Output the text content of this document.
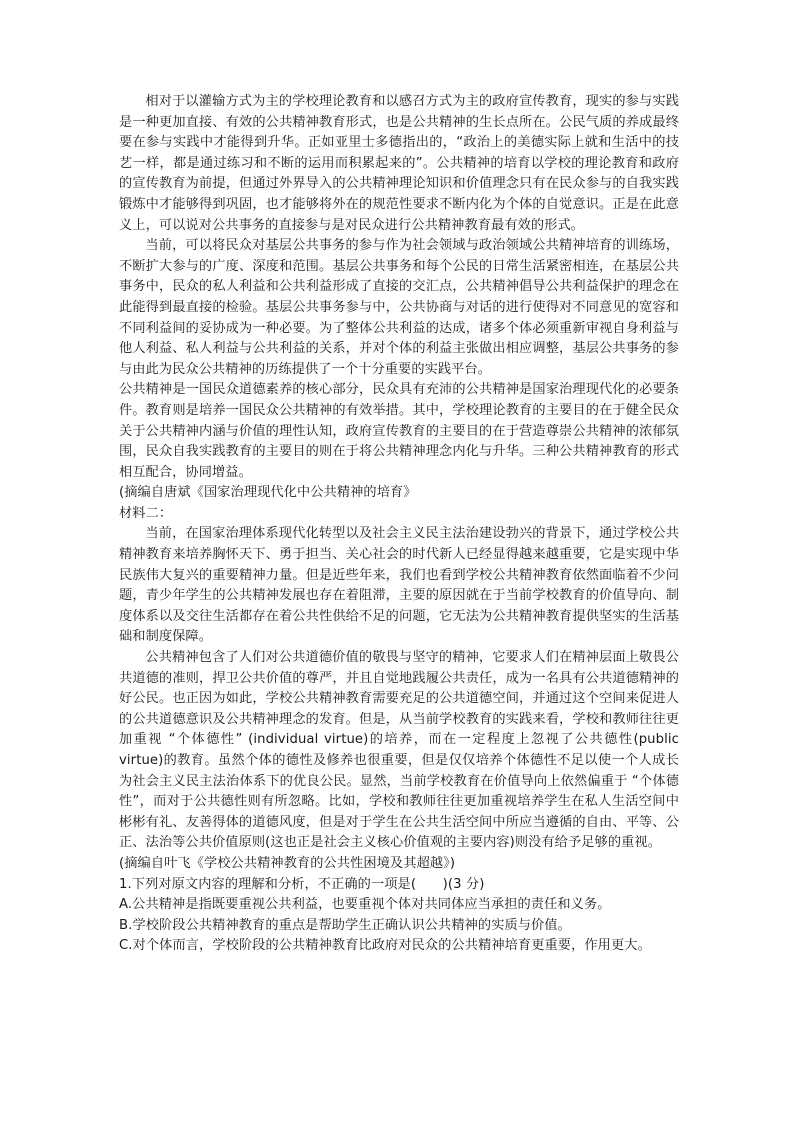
相对于以灌输方式为主的学校理论教育和以感召方式为主的政府宣传教育，现实的参与实践是一种更加直接、有效的公共精神教育形式，也是公共精神的生长点所在。公民气质的养成最终要在参与实践中才能得到升华。正如亚里士多德指出的，“政治上的美德实际上就和生活中的技艺一样，都是通过练习和不断的运用而积累起来的”。公共精神的培育以学校的理论教育和政府的宣传教育为前提，但通过外界导入的公共精神理论知识和价值理念只有在民众参与的自我实践锻炼中才能够得到巩固，也才能够将外在的规范性要求不断内化为个体的自觉意识。正是在此意义上，可以说对公共事务的直接参与是对民众进行公共精神教育最有效的形式。

当前，可以将民众对基层公共事务的参与作为社会领域与政治领域公共精神培育的训练场，不断扩大参与的广度、深度和范围。基层公共事务和每个公民的日常生活紧密相连，在基层公共事务中，民众的私人利益和公共利益形成了直接的交汇点，公共精神倡导公共利益保护的理念在此能得到最直接的检验。基层公共事务参与中，公共协商与对话的进行使得对不同意见的宽容和不同利益间的妥协成为一种必要。为了整体公共利益的达成，诸多个体必须重新审视自身利益与他人利益、私人利益与公共利益的关系，并对个体的利益主张做出相应调整，基层公共事务的参与由此为民众公共精神的历练提供了一个十分重要的实践平台。

公共精神是一国民众道德素养的核心部分，民众具有充沛的公共精神是国家治理现代化的必要条件。教育则是培养一国民众公共精神的有效举措。其中，学校理论教育的主要目的在于健全民众关于公共精神内涵与价值的理性认知，政府宣传教育的主要目的在于营造尊崇公共精神的浓郁氛围，民众自我实践教育的主要目的则在于将公共精神理念内化与升华。三种公共精神教育的形式相互配合，协同增益。

(摘编自唐斌《国家治理现代化中公共精神的培育》

材料二：

当前，在国家治理体系现代化转型以及社会主义民主法治建设勃兴的背景下，通过学校公共精神教育来培养胸怀天下、勇于担当、关心社会的时代新人已经显得越来越重要，它是实现中华民族伟大复兴的重要精神力量。但是近些年来，我们也看到学校公共精神教育依然面临着不少问题，青少年学生的公共精神发展也存在着阻滞，主要的原因就在于当前学校教育的价值导向、制度体系以及交往生活都存在着公共性供给不足的问题，它无法为公共精神教育提供坚实的生活基础和制度保障。

公共精神包含了人们对公共道德价值的敬畏与坚守的精神，它要求人们在精神层面上敬畏公共道德的准则，捍卫公共价值的尊严，并且自觉地践履公共责任，成为一名具有公共道德精神的好公民。也正因为如此，学校公共精神教育需要充足的公共道德空间，并通过这个空间来促进人的公共道德意识及公共精神理念的发育。但是，从当前学校教育的实践来看，学校和教师往往更加重视 “个体德性” (individual virtue)的培养，而在一定程度上忽视了公共德性(public virtue)的教育。虽然个体的德性及修养也很重要，但是仅仅培养个体德性不足以使一个人成长为社会主义民主法治体系下的优良公民。显然，当前学校教育在价值导向上依然偏重于 “个体德性”，而对于公共德性则有所忽略。比如，学校和教师往往更加重视培养学生在私人生活空间中彬彬有礼、友善得体的道德风度，但是对于学生在公共生活空间中所应当遵循的自由、平等、公正、法治等公共价值原则(这也正是社会主义核心价值观的主要内容)则没有给予足够的重视。

(摘编自叶飞《学校公共精神教育的公共性困境及其超越》)

1.下列对原文内容的理解和分析，不正确的一项是(　　)(3 分)

A.公共精神是指既要重视公共利益，也要重视个体对共同体应当承担的责任和义务。

B.学校阶段公共精神教育的重点是帮助学生正确认识公共精神的实质与价值。

C.对个体而言，学校阶段的公共精神教育比政府对民众的公共精神培育更重要，作用更大。
